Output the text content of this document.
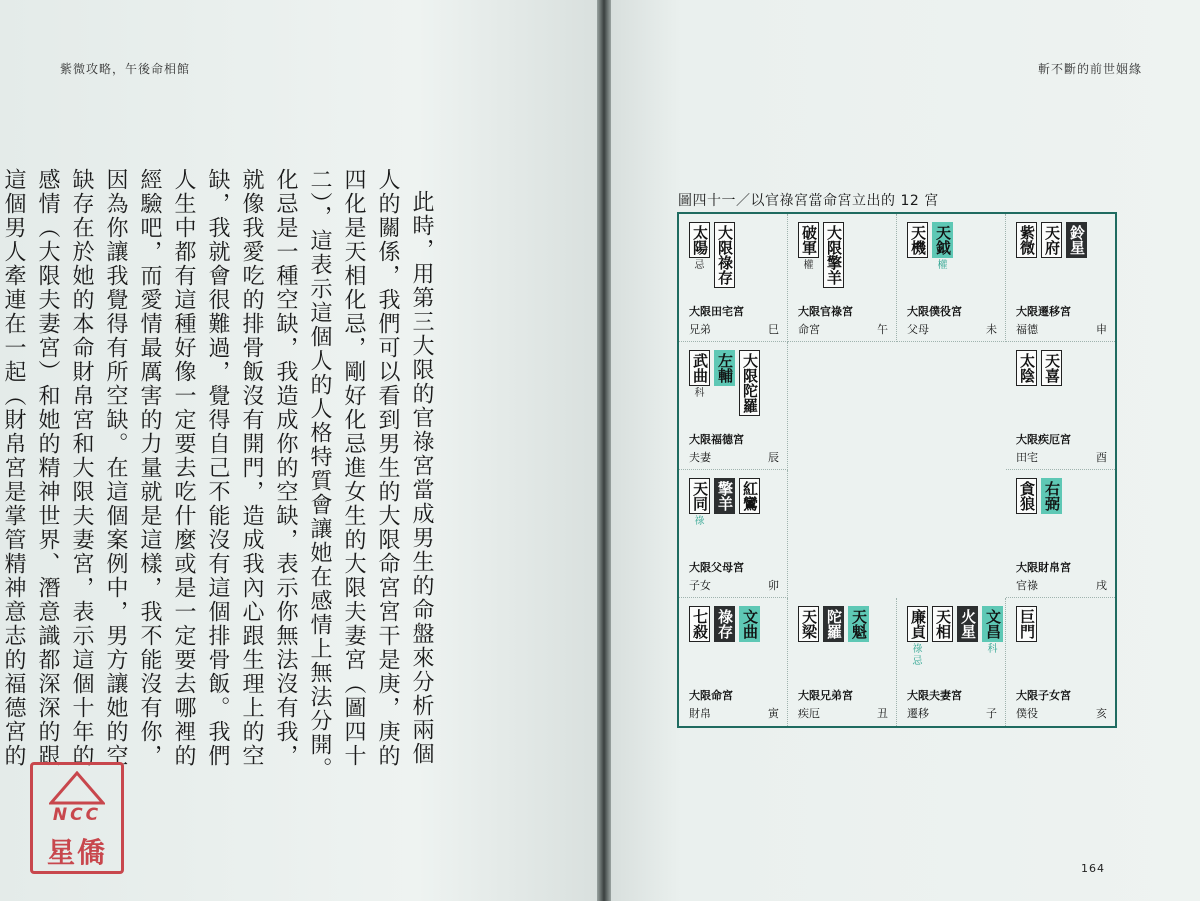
紫微攻略，午後命相館

此時，用第三大限的官祿宮當成男生的命盤來分析兩個人的關係，我們可以看到男生的大限命宮宮干是庚，庚的四化是天相化忌，剛好化忌進女生的大限夫妻宮（圖四十二），這表示這個人的人格特質會讓她在感情上無法分開。化忌是一種空缺，我造成你的空缺，表示你無法沒有我，就像我愛吃的排骨飯沒有開門，造成我內心跟生理上的空缺，我就會很難過，覺得自己不能沒有這個排骨飯。我們人生中都有這種好像一定要去吃什麼或是一定要去哪裡的經驗吧，而愛情最厲害的力量就是這樣，我不能沒有你，因為你讓我覺得有所空缺。在這個案例中，男方讓她的空缺存在於她的本命財帛宮和大限夫妻宮，表示這個十年的感情（大限夫妻宮）和她的精神世界、潛意識都深深的跟這個男人牽連在一起（財帛宮是掌管精神意志的福德宮的

NCC
星僑
斬不斷的前世姻緣
164
圖四十一／以官祿宮當命宮立出的 12 宮
太陽
忌 大限祿存
大限田宅宮
兄弟	巳
破軍
權 大限擎羊
大限官祿宮
命宮	午
天機 天鉞
權
大限僕役宮
父母	未
紫微 天府 鈴星
大限遷移宮
福德	申
武曲
科
左輔 大限陀羅
大限福德宮
夫妻	辰
太陰 天喜
大限疾厄宮
田宅	酉
天同
祿
擎羊 紅鸞
大限父母宮
子女	卯
貪狼 右弼
大限財帛宮
官祿	戌
七殺 祿存 文曲
大限命宮
財帛	寅
天梁 陀羅 天魁
大限兄弟宮
疾厄	丑
廉貞
祿
忌
天相 火星 文昌
科
大限夫妻宮
遷移	子
巨門
大限子女宮
僕役	亥
